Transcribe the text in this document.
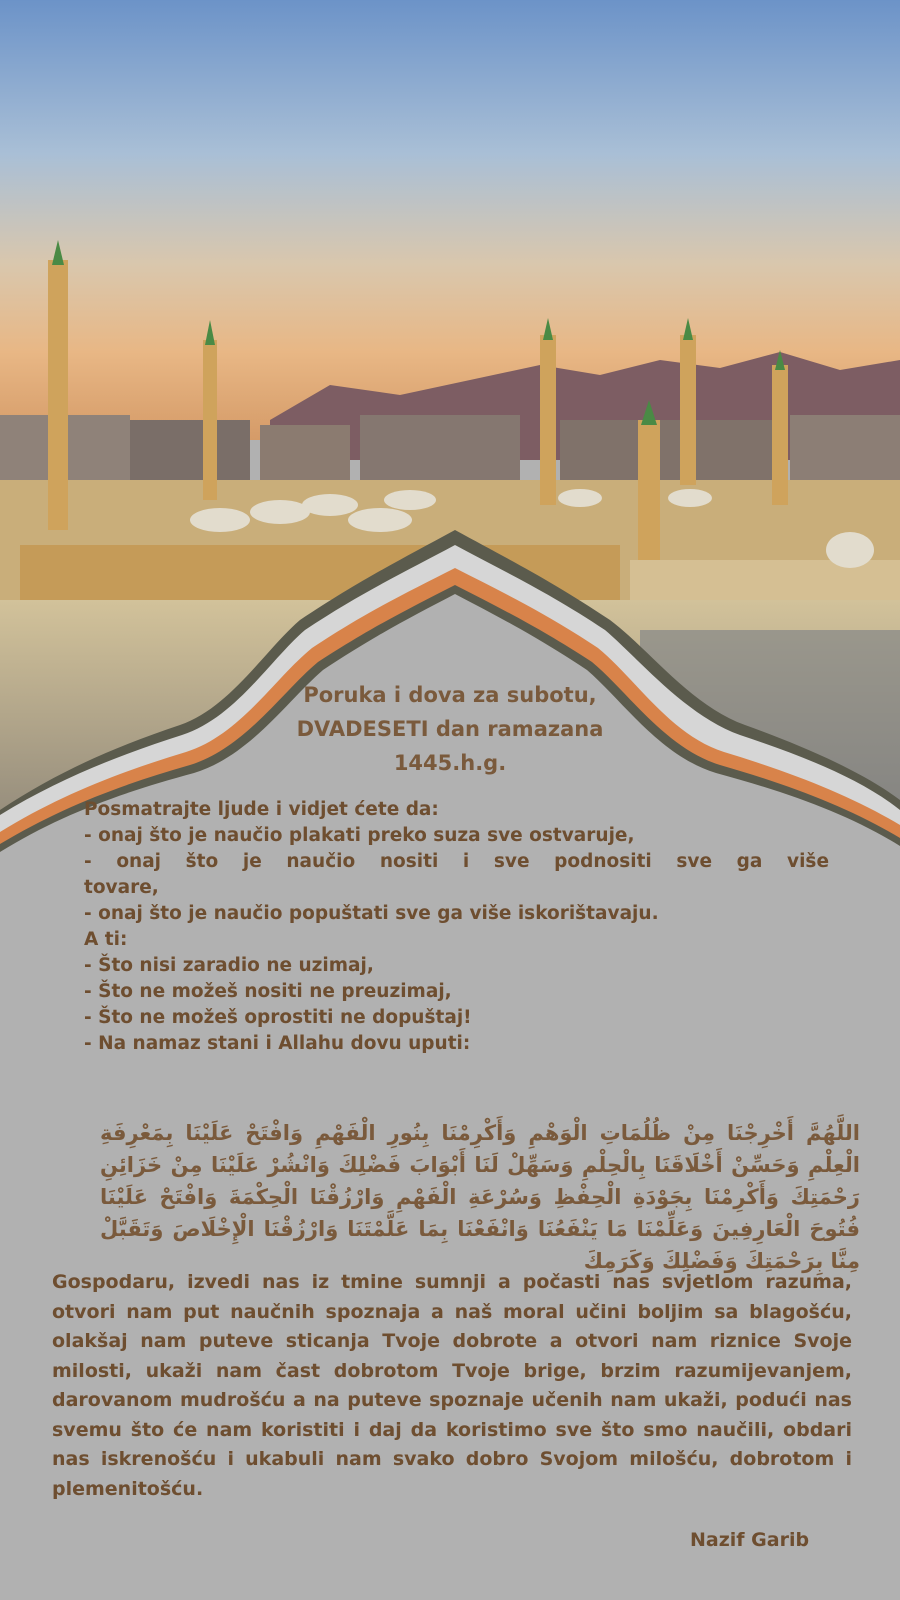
Poruka i dova za subotu,
DVADESETI dan ramazana
1445.h.g.
Posmatrajte ljude i vidjet ćete da:
- onaj što je naučio plakati preko suza sve ostvaruje,
- onaj što je naučio nositi i sve podnositi sve ga više
tovare,
- onaj što je naučio popuštati sve ga više iskorištavaju.
A ti:
- Što nisi zaradio ne uzimaj,
- Što ne možeš nositi ne preuzimaj,
- Što ne možeš oprostiti ne dopuštaj!
- Na namaz stani i Allahu dovu uputi:
اللَّهُمَّ أَخْرِجْنَا مِنْ ظُلُمَاتِ الْوَهْمِ وَأَكْرِمْنَا بِنُورِ الْفَهْمِ وَافْتَحْ عَلَيْنَا بِمَعْرِفَةِ الْعِلْمِ وَحَسِّنْ أَخْلَاقَنَا بِالْحِلْمِ وَسَهِّلْ لَنَا أَبْوَابَ فَضْلِكَ وَانْشُرْ عَلَيْنَا مِنْ خَزَائِنِ رَحْمَتِكَ وَأَكْرِمْنَا بِجَوْدَةِ الْحِفْظِ وَسُرْعَةِ الْفَهْمِ وَارْزُقْنَا الْحِكْمَةَ وَافْتَحْ عَلَيْنَا فُتُوحَ الْعَارِفِينَ وَعَلِّمْنَا مَا يَنْفَعُنَا وَانْفَعْنَا بِمَا عَلَّمْتَنَا وَارْزُقْنَا الْإِخْلَاصَ وَتَقَبَّلْ مِنَّا بِرَحْمَتِكَ وَفَضْلِكَ وَكَرَمِكَ
Gospodaru, izvedi nas iz tmine sumnji a počasti nas svjetlom razuma, otvori nam put naučnih spoznaja a naš moral učini boljim sa blagošću, olakšaj nam puteve sticanja Tvoje dobrote a otvori nam riznice Svoje milosti, ukaži nam čast dobrotom Tvoje brige, brzim razumijevanjem, darovanom mudrošću a na puteve spoznaje učenih nam ukaži, podući nas svemu što će nam koristiti i daj da koristimo sve što smo naučili, obdari nas iskrenošću i ukabuli nam svako dobro Svojom milošću, dobrotom i plemenitošću.
Nazif Garib
